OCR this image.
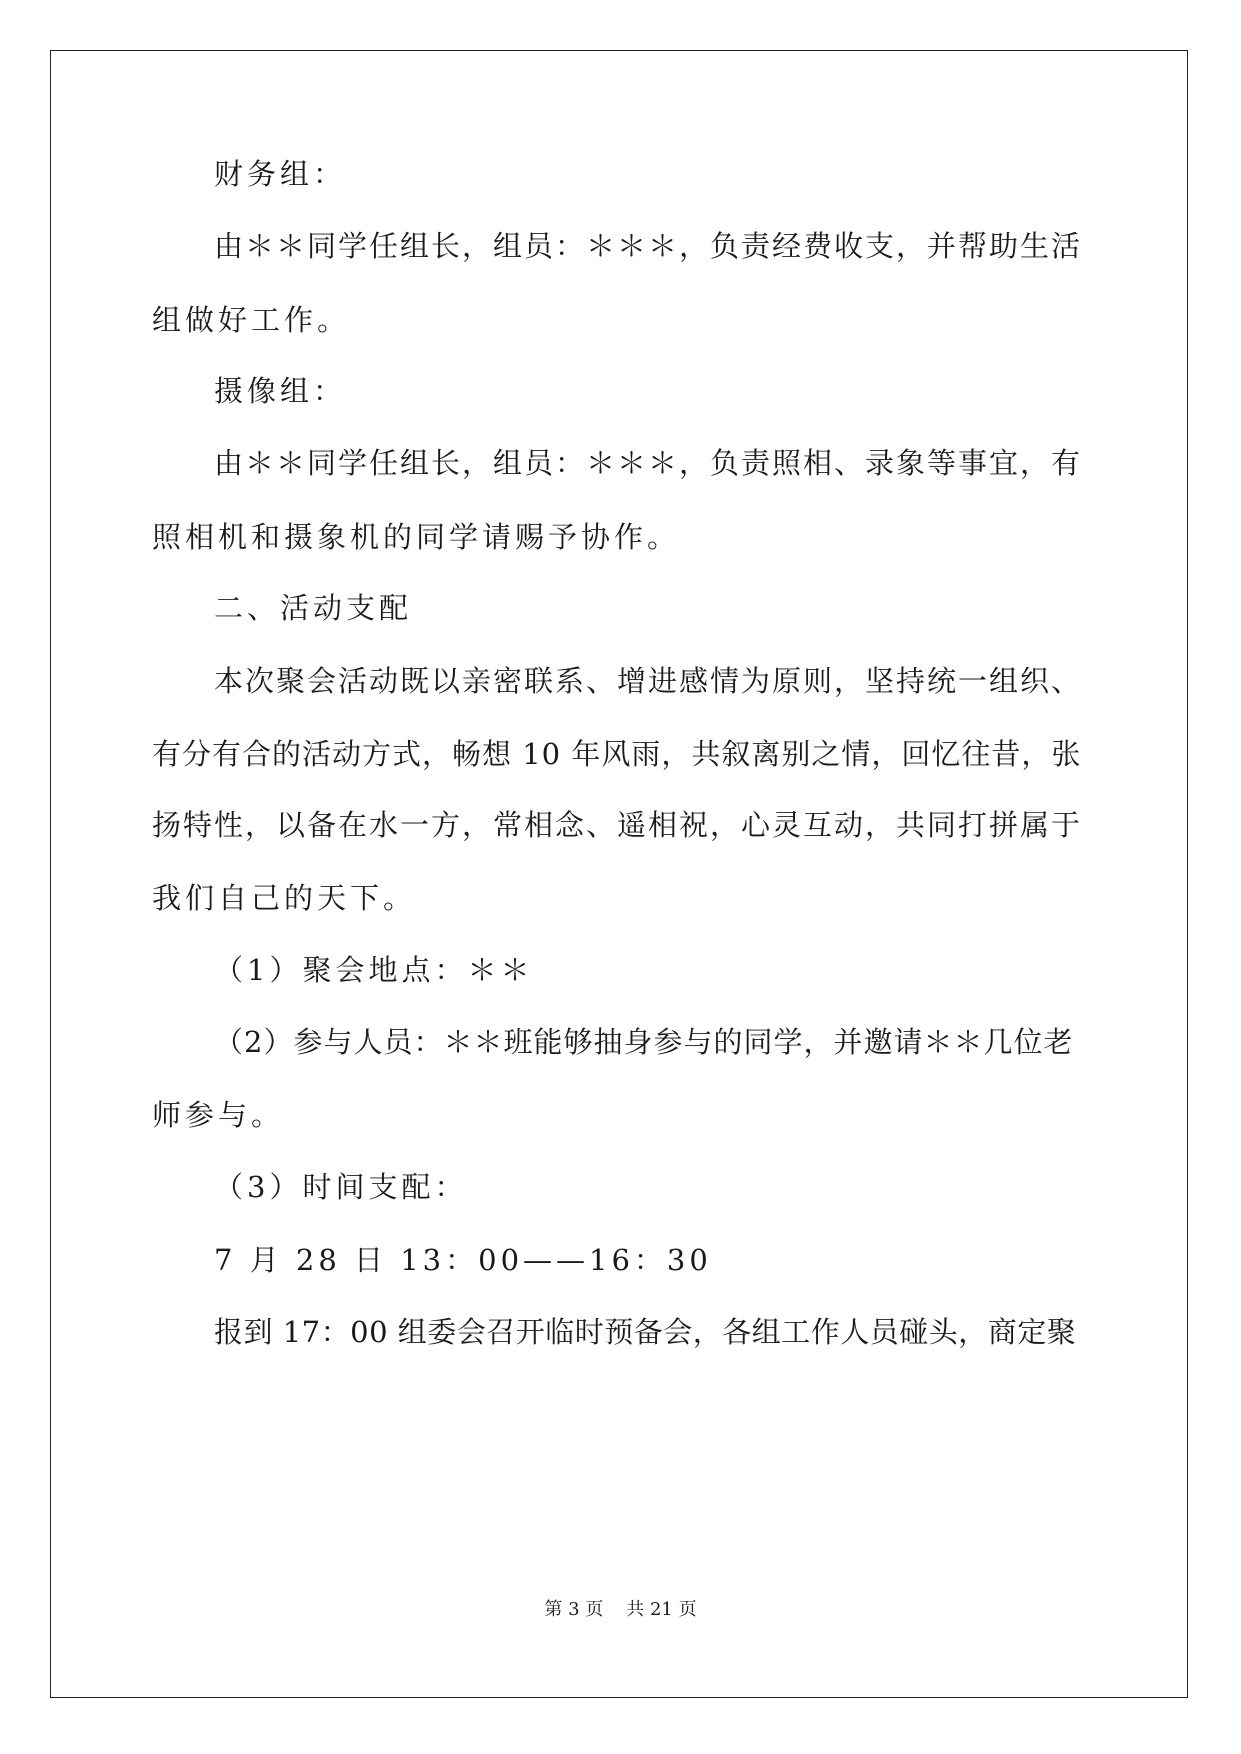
财务组：
由＊＊同学任组长，组员：＊＊＊，负责经费收支，并帮助生活
组做好工作。
摄像组：
由＊＊同学任组长，组员：＊＊＊，负责照相、录象等事宜，有
照相机和摄象机的同学请赐予协作。
二、活动支配
本次聚会活动既以亲密联系、增进感情为原则，坚持统一组织、
有分有合的活动方式，畅想 10 年风雨，共叙离别之情，回忆往昔，张
扬特性，以备在水一方，常相念、遥相祝，心灵互动，共同打拼属于
我们自己的天下。
（1）聚会地点：＊＊
（2）参与人员：＊＊班能够抽身参与的同学，并邀请＊＊几位老
师参与。
（3）时间支配：
7 月 28 日 13：00——16：30
报到 17：00 组委会召开临时预备会，各组工作人员碰头，商定聚
第 3 页 共 21 页
